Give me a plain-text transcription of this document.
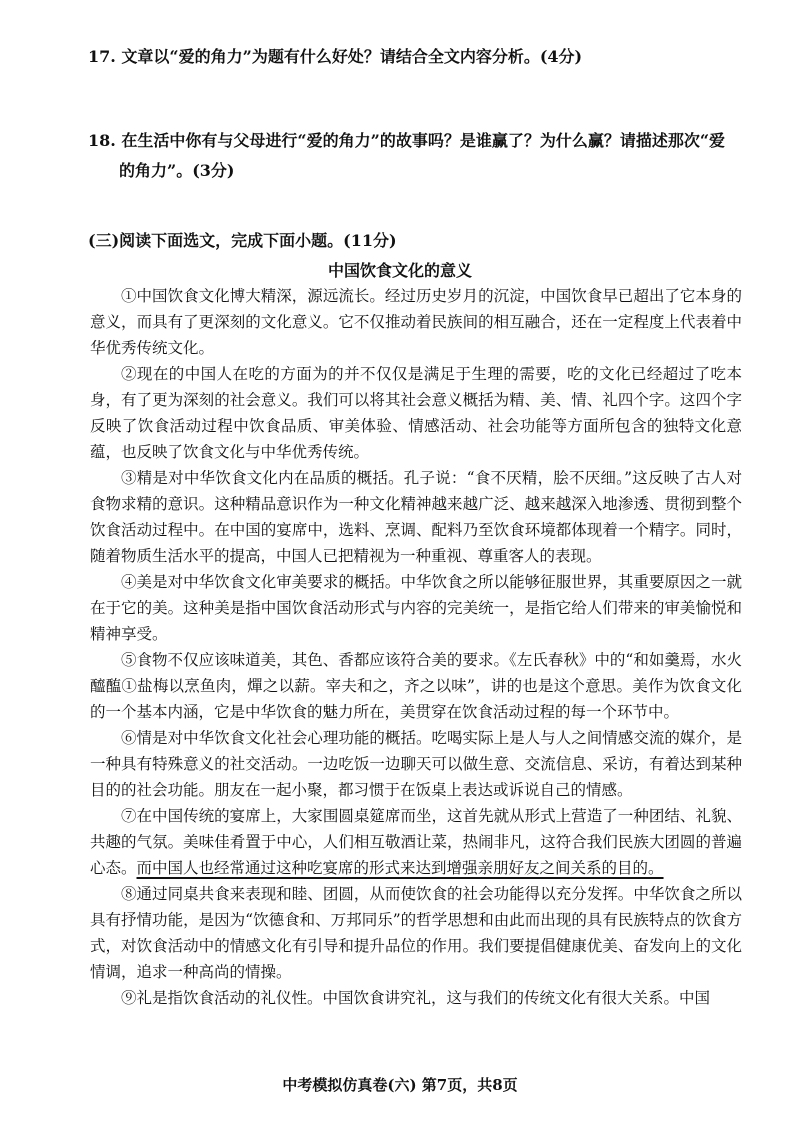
17. 文章以“爱的角力”为题有什么好处？请结合全文内容分析。(4分)
18. 在生活中你有与父母进行“爱的角力”的故事吗？是谁赢了？为什么赢？请描述那次“爱
的角力”。(3分)
(三)阅读下面选文，完成下面小题。(11分)
中国饮食文化的意义

①中国饮食文化博大精深，源远流长。经过历史岁月的沉淀，中国饮食早已超出了它本身的意义，而具有了更深刻的文化意义。它不仅推动着民族间的相互融合，还在一定程度上代表着中华优秀传统文化。

②现在的中国人在吃的方面为的并不仅仅是满足于生理的需要，吃的文化已经超过了吃本身，有了更为深刻的社会意义。我们可以将其社会意义概括为精、美、情、礼四个字。这四个字反映了饮食活动过程中饮食品质、审美体验、情感活动、社会功能等方面所包含的独特文化意蕴，也反映了饮食文化与中华优秀传统。

③精是对中华饮食文化内在品质的概括。孔子说：“食不厌精，脍不厌细。”这反映了古人对食物求精的意识。这种精品意识作为一种文化精神越来越广泛、越来越深入地渗透、贯彻到整个饮食活动过程中。在中国的宴席中，选料、烹调、配料乃至饮食环境都体现着一个精字。同时，随着物质生活水平的提高，中国人已把精视为一种重视、尊重客人的表现。

④美是对中华饮食文化审美要求的概括。中华饮食之所以能够征服世界，其重要原因之一就在于它的美。这种美是指中国饮食活动形式与内容的完美统一，是指它给人们带来的审美愉悦和精神享受。

⑤食物不仅应该味道美，其色、香都应该符合美的要求。《左氏春秋》中的“和如羹焉，水火醯醢①盐梅以烹鱼肉，燀之以薪。宰夫和之，齐之以味”，讲的也是这个意思。美作为饮食文化的一个基本内涵，它是中华饮食的魅力所在，美贯穿在饮食活动过程的每一个环节中。

⑥情是对中华饮食文化社会心理功能的概括。吃喝实际上是人与人之间情感交流的媒介，是一种具有特殊意义的社交活动。一边吃饭一边聊天可以做生意、交流信息、采访，有着达到某种目的的社会功能。朋友在一起小聚，都习惯于在饭桌上表达或诉说自己的情感。

⑦在中国传统的宴席上，大家围圆桌筵席而坐，这首先就从形式上营造了一种团结、礼貌、共趣的气氛。美味佳肴置于中心，人们相互敬酒让菜，热闹非凡，这符合我们民族大团圆的普遍心态。而中国人也经常通过这种吃宴席的形式来达到增强亲朋好友之间关系的目的。

⑧通过同桌共食来表现和睦、团圆，从而使饮食的社会功能得以充分发挥。中华饮食之所以具有抒情功能，是因为“饮德食和、万邦同乐”的哲学思想和由此而出现的具有民族特点的饮食方式，对饮食活动中的情感文化有引导和提升品位的作用。我们要提倡健康优美、奋发向上的文化情调，追求一种高尚的情操。

⑨礼是指饮食活动的礼仪性。中国饮食讲究礼，这与我们的传统文化有很大关系。中国

中考模拟仿真卷(六) 第7页，共8页
